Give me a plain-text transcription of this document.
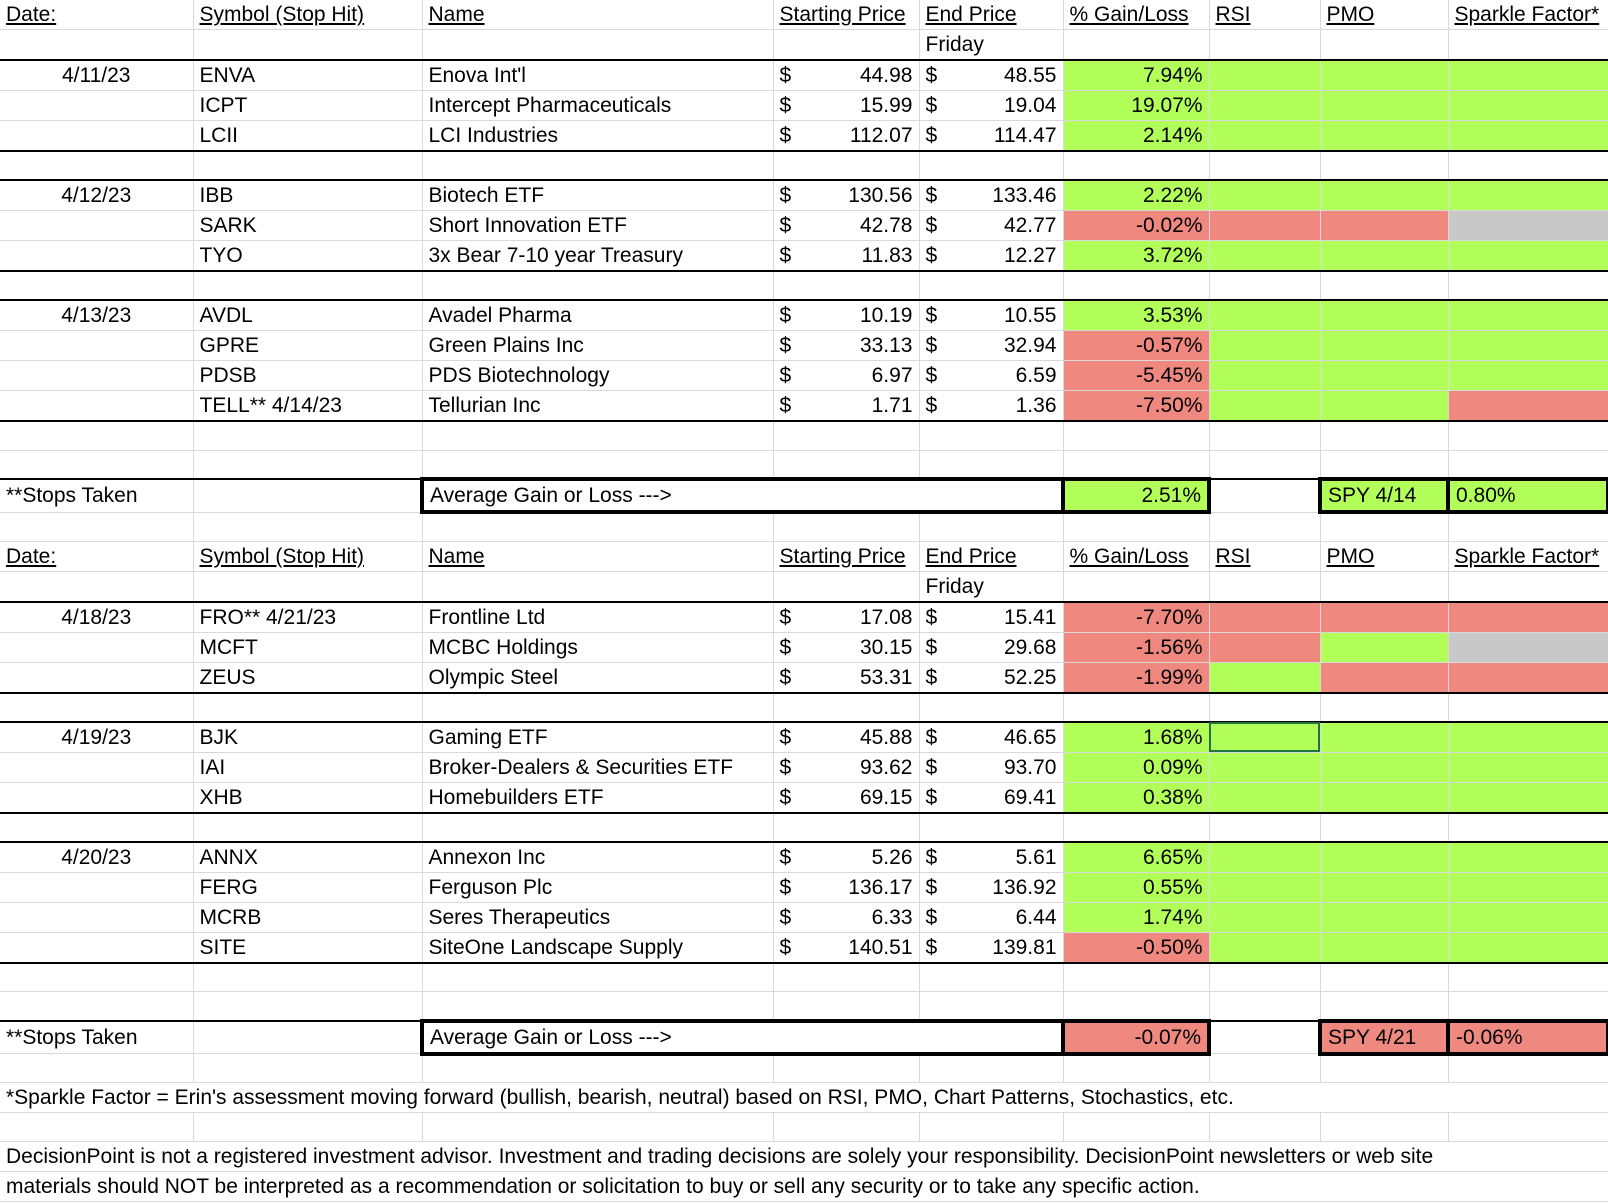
Date:	Symbol (Stop Hit)	Name	Starting Price	End Price	% Gain/Loss	RSI	PMO	Sparkle Factor*
				Friday				
4/11/23	ENVA	Enova Int'l	$ 44.98	$ 48.55	7.94%			
	ICPT	Intercept Pharmaceuticals	$ 15.99	$ 19.04	19.07%			
	LCII	LCI Industries	$ 112.07	$ 114.47	2.14%			

4/12/23	IBB	Biotech ETF	$ 130.56	$ 133.46	2.22%			
	SARK	Short Innovation ETF	$ 42.78	$ 42.77	-0.02%			
	TYO	3x Bear 7-10 year Treasury	$ 11.83	$ 12.27	3.72%			

4/13/23	AVDL	Avadel Pharma	$ 10.19	$ 10.55	3.53%			
	GPRE	Green Plains Inc	$ 33.13	$ 32.94	-0.57%			
	PDSB	PDS Biotechnology	$ 6.97	$ 6.59	-5.45%			
	TELL** 4/14/23	Tellurian Inc	$ 1.71	$ 1.36	-7.50%			

**Stops Taken		Average Gain or Loss --->			2.51%		SPY 4/14	0.80%

Date:	Symbol (Stop Hit)	Name	Starting Price	End Price	% Gain/Loss	RSI	PMO	Sparkle Factor*
				Friday				
4/18/23	FRO** 4/21/23	Frontline Ltd	$ 17.08	$ 15.41	-7.70%			
	MCFT	MCBC Holdings	$ 30.15	$ 29.68	-1.56%			
	ZEUS	Olympic Steel	$ 53.31	$ 52.25	-1.99%			

4/19/23	BJK	Gaming ETF	$ 45.88	$ 46.65	1.68%			
	IAI	Broker-Dealers & Securities ETF	$ 93.62	$ 93.70	0.09%			
	XHB	Homebuilders ETF	$ 69.15	$ 69.41	0.38%			

4/20/23	ANNX	Annexon Inc	$ 5.26	$ 5.61	6.65%			
	FERG	Ferguson Plc	$ 136.17	$ 136.92	0.55%			
	MCRB	Seres Therapeutics	$ 6.33	$ 6.44	1.74%			
	SITE	SiteOne Landscape Supply	$ 140.51	$ 139.81	-0.50%			

**Stops Taken		Average Gain or Loss --->			-0.07%		SPY 4/21	-0.06%

*Sparkle Factor = Erin's assessment moving forward (bullish, bearish, neutral) based on RSI, PMO, Chart Patterns, Stochastics, etc.								

DecisionPoint is not a registered investment advisor. Investment and trading decisions are solely your responsibility. DecisionPoint newsletters or web site								
materials should NOT be interpreted as a recommendation or solicitation to buy or sell any security or to take any specific action.								
